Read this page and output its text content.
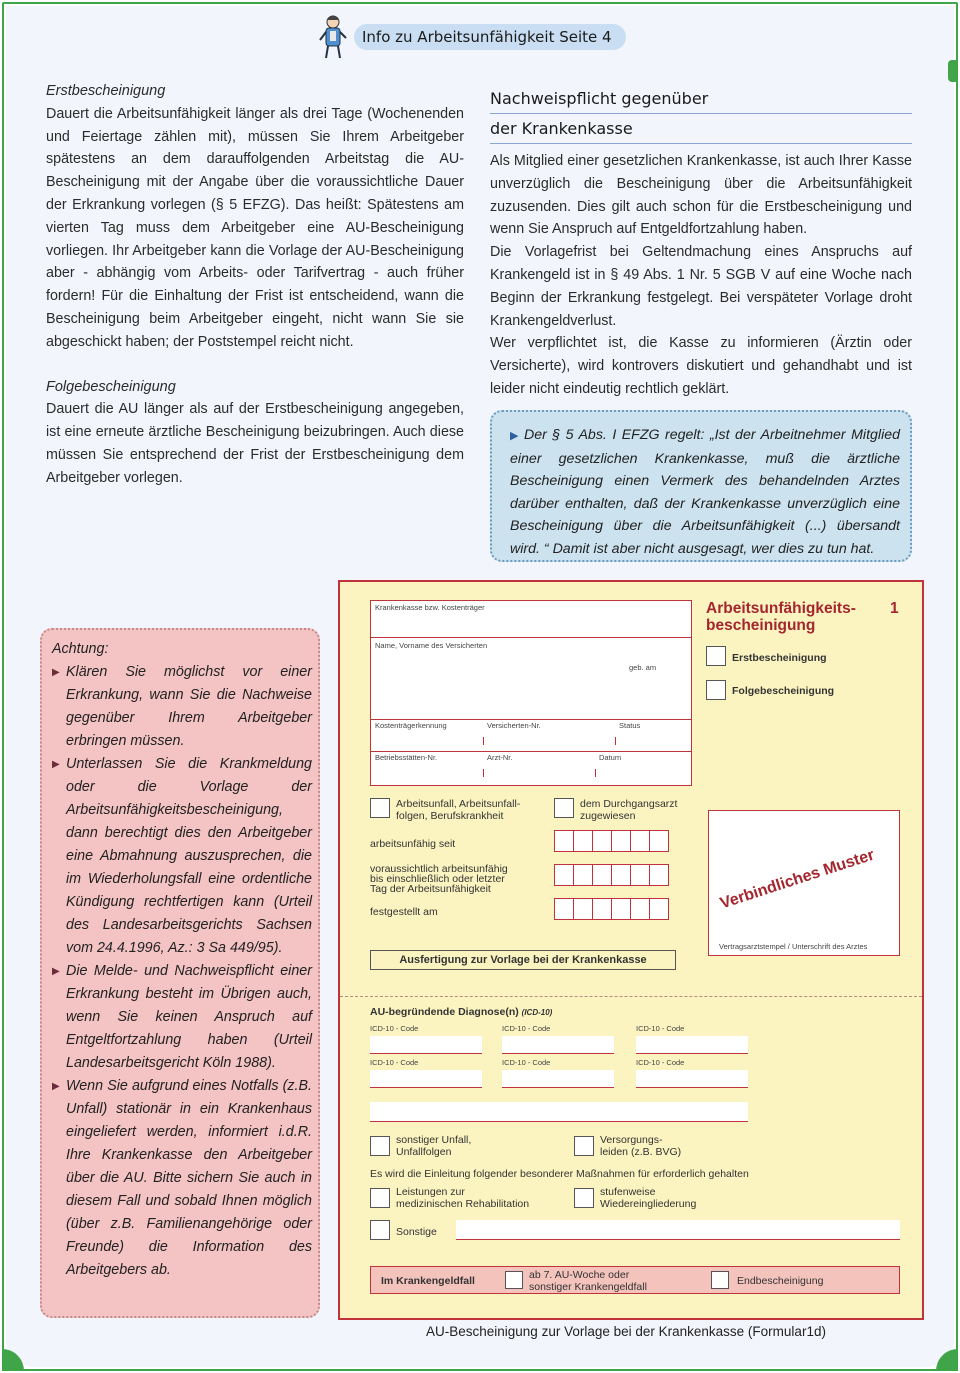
Info zu Arbeitsunfähigkeit Seite 4
Erstbescheinigung

Dauert die Arbeitsunfähigkeit länger als drei Tage (Wochenenden und Feiertage zählen mit), müssen Sie Ihrem Arbeitgeber spätestens an dem darauffolgenden Arbeitstag die AU-Bescheinigung mit der Angabe über die voraussichtliche Dauer der Erkrankung vorlegen (§ 5 EFZG). Das heißt: Spätestens am vierten Tag muss dem Arbeitgeber eine AU-Bescheinigung vorliegen. Ihr Arbeitgeber kann die Vorlage der AU-Bescheinigung aber - abhängig vom Arbeits- oder Tarifvertrag - auch früher fordern! Für die Einhaltung der Frist ist entscheidend, wann die Bescheinigung beim Arbeitgeber eingeht, nicht wann Sie sie abgeschickt haben; der Poststempel reicht nicht.

Folgebescheinigung

Dauert die AU länger als auf der Erstbescheinigung angegeben, ist eine erneute ärztliche Bescheinigung beizubringen. Auch diese müssen Sie entsprechend der Frist der Erstbescheinigung dem Arbeitgeber vorlegen.

Nachweispflicht gegenüber
der Krankenkasse

Als Mitglied einer gesetzlichen Krankenkasse, ist auch Ihrer Kasse unverzüglich die Bescheinigung über die Arbeitsunfähigkeit zuzusenden. Dies gilt auch schon für die Erstbescheinigung und wenn Sie Anspruch auf Entgeldfortzahlung haben.

Die Vorlagefrist bei Geltendmachung eines Anspruchs auf Krankengeld ist in § 49 Abs. 1 Nr. 5 SGB V auf eine Woche nach Beginn der Erkrankung festgelegt. Bei verspäteter Vorlage droht Krankengeldverlust.

Wer verpflichtet ist, die Kasse zu informieren (Ärztin oder Versicherte), wird kontrovers diskutiert und gehandhabt und ist leider nicht eindeutig rechtlich geklärt.

▶ Der § 5 Abs. I EFZG regelt: „Ist der Arbeitnehmer Mitglied einer gesetzlichen Krankenkasse, muß die ärztliche Bescheinigung einen Vermerk des behandelnden Arztes darüber enthalten, daß der Krankenkasse unverzüglich eine Bescheinigung über die Arbeitsunfähigkeit (...) übersandt wird. “ Damit ist aber nicht ausgesagt, wer dies zu tun hat.
Achtung:
▶ Klären Sie möglichst vor einer Erkrankung, wann Sie die Nachweise gegenüber Ihrem Arbeitgeber erbringen müssen.
▶ Unterlassen Sie die Krankmeldung oder die Vorlage der Arbeitsunfähigkeitsbescheinigung, dann berechtigt dies den Arbeitgeber eine Abmahnung auszusprechen, die im Wiederholungsfall eine ordentliche Kündigung rechtfertigen kann (Urteil des Landesarbeitsgerichts Sachsen vom 24.4.1996, Az.: 3 Sa 449/95).
▶ Die Melde- und Nachweispflicht einer Erkrankung besteht im Übrigen auch, wenn Sie keinen Anspruch auf Entgeltfortzahlung haben (Urteil Landesarbeitsgericht Köln 1988).
▶ Wenn Sie aufgrund eines Notfalls (z.B. Unfall) stationär in ein Krankenhaus eingeliefert werden, informiert i.d.R. Ihre Krankenkasse den Arbeitgeber über die AU. Bitte sichern Sie auch in diesem Fall und sobald Ihnen möglich (über z.B. Familienangehörige oder Freunde) die Information des Arbeitgebers ab.
Krankenkasse bzw. Kostenträger
Name, Vorname des Versicherten
geb. am
Kostenträgerkennung	Versicherten-Nr.	Status
Betriebsstätten-Nr.	Arzt-Nr.	Datum
Arbeitsunfähigkeits-
bescheinigung
1
Erstbescheinigung
Folgebescheinigung
Arbeitsunfall, Arbeitsunfall-
folgen, Berufskrankheit
dem Durchgangsarzt
zugewiesen
arbeitsunfähig seit
voraussichtlich arbeitsunfähig
bis einschließlich oder letzter
Tag der Arbeitsunfähigkeit
festgestellt am	Verbindliches Muster
Vertragsarztstempel / Unterschrift des Arztes
Ausfertigung zur Vorlage bei der Krankenkasse
AU-begründende Diagnose(n) (ICD-10)
ICD-10 - Code	ICD-10 - Code	ICD-10 - Code
ICD-10 - Code	ICD-10 - Code	ICD-10 - Code
sonstiger Unfall,
Unfallfolgen
Versorgungs-
leiden (z.B. BVG)
Es wird die Einleitung folgender besonderer Maßnahmen für erforderlich gehalten
Leistungen zur
medizinischen Rehabilitation
stufenweise
Wiedereingliederung
Sonstige
Im Krankengeldfall	ab 7. AU-Woche oder
sonstiger Krankengeldfall	Endbescheinigung
AU-Bescheinigung zur Vorlage bei der Krankenkasse (Formular1d)
